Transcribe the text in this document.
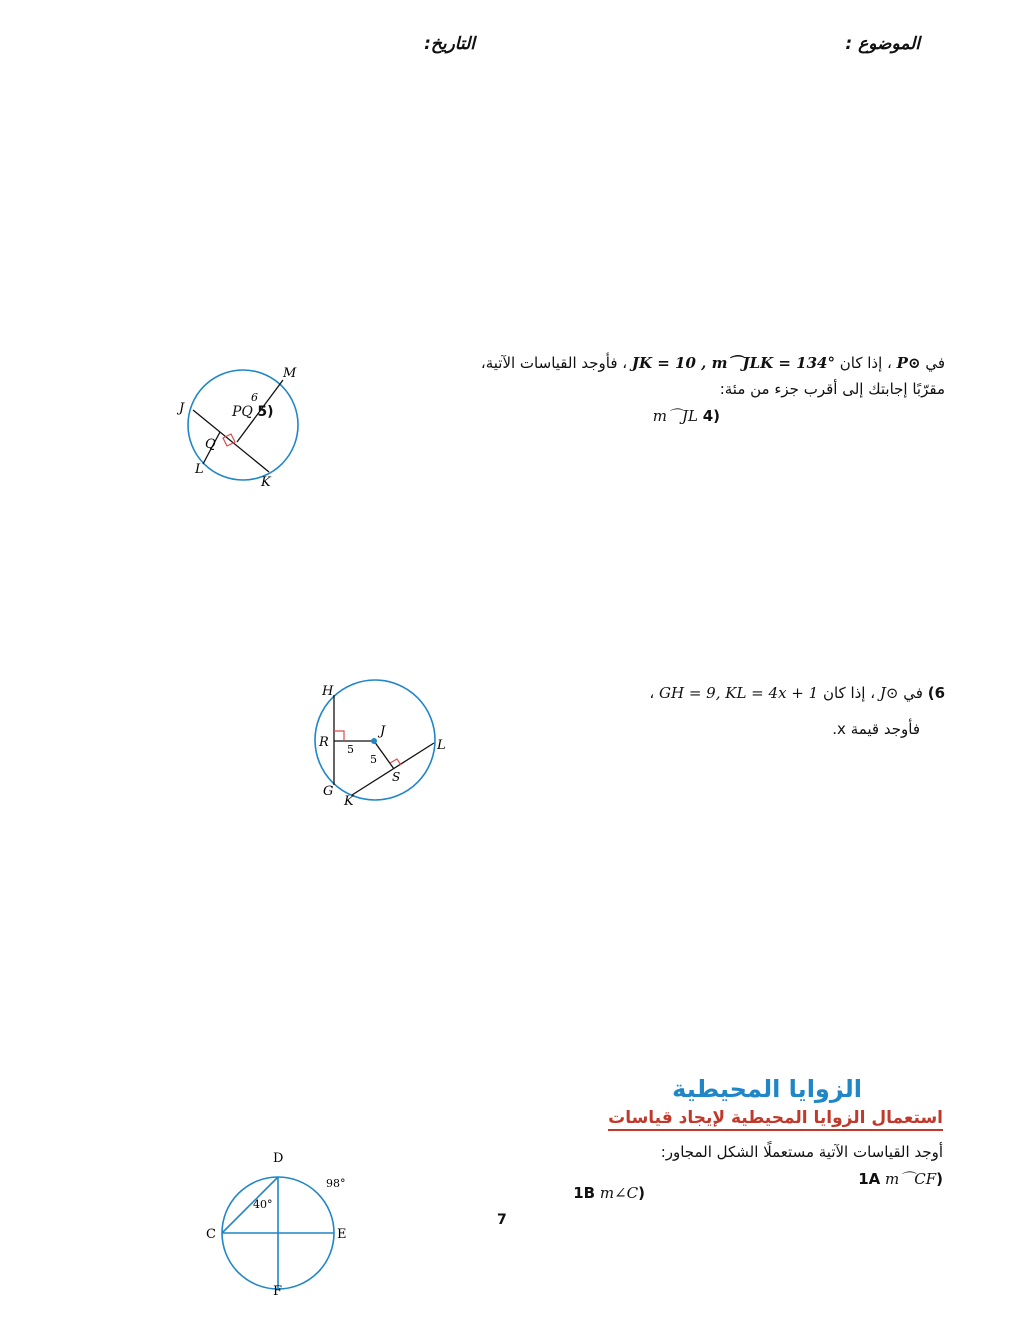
الموضوع :
التاريخ:
في ⊙P ، إذا كان JK = 10 , m⌒JLK = 134° ، فأوجد القياسات الآتية،
مقرّبًا إجابتك إلى أقرب جزء من مئة:
(4 m⌒JL
M
J
L
K
Q
6
(5 PQ
6) في ⊙J ، إذا كان GH = 9, KL = 4x + 1 ،
فأوجد قيمة x.
H
R
J
L
S
G
K
5
5
الزوايا المحيطية
استعمال الزوايا المحيطية لإيجاد قياسات
أوجد القياسات الآتية مستعملًا الشكل المجاور:
(1A m⌒CF
(1B m∠C
D
C	E
F
98°
40°
7
